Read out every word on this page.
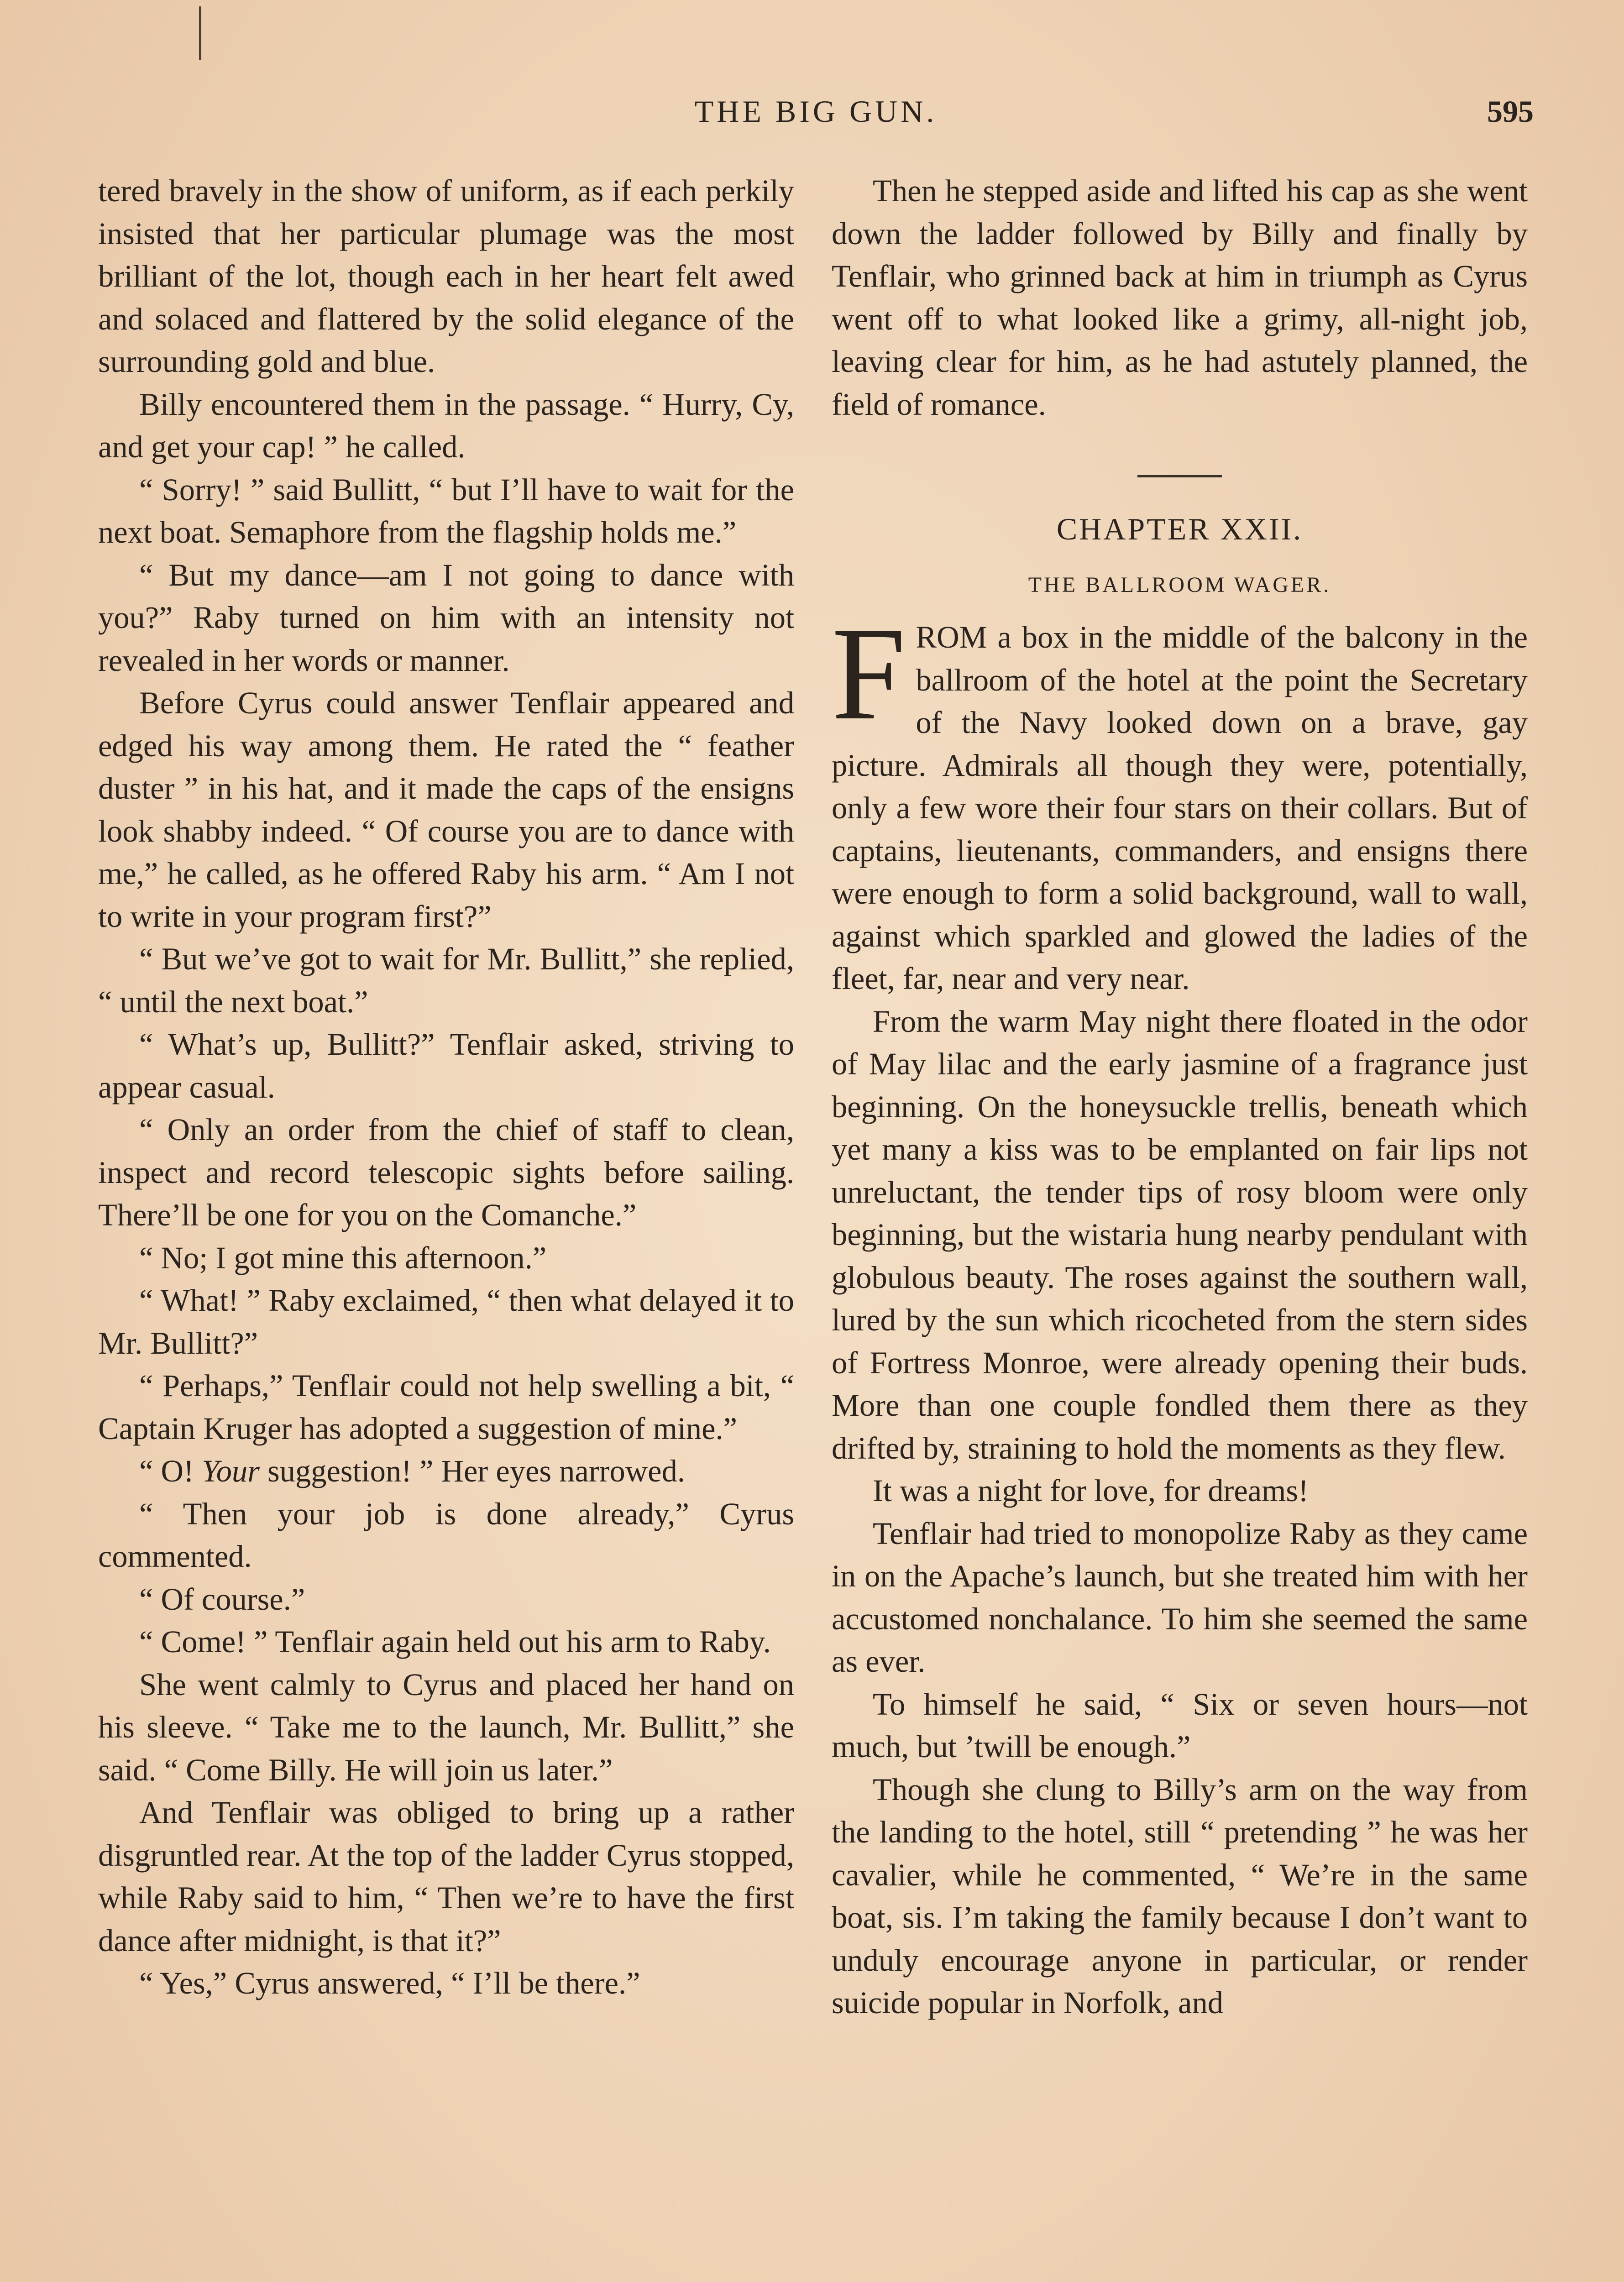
THE BIG GUN.	595

tered bravely in the show of uniform, as if each perkily insisted that her particular plumage was the most brilliant of the lot, though each in her heart felt awed and solaced and flattered by the solid elegance of the surrounding gold and blue.

Billy encountered them in the passage. “ Hurry, Cy, and get your cap! ” he called.

“ Sorry! ” said Bullitt, “ but I’ll have to wait for the next boat. Semaphore from the flagship holds me.”

“ But my dance—am I not going to dance with you?” Raby turned on him with an intensity not revealed in her words or manner.

Before Cyrus could answer Tenflair appeared and edged his way among them. He rated the “ feather duster ” in his hat, and it made the caps of the ensigns look shabby indeed. “ Of course you are to dance with me,” he called, as he offered Raby his arm. “ Am I not to write in your program first?”

“ But we’ve got to wait for Mr. Bullitt,” she replied, “ until the next boat.”

“ What’s up, Bullitt?” Tenflair asked, striving to appear casual.

“ Only an order from the chief of staff to clean, inspect and record telescopic sights before sailing. There’ll be one for you on the Comanche.”

“ No; I got mine this afternoon.”

“ What! ” Raby exclaimed, “ then what delayed it to Mr. Bullitt?”

“ Perhaps,” Tenflair could not help swelling a bit, “ Captain Kruger has adopted a suggestion of mine.”

“ O! Your suggestion! ” Her eyes narrowed.

“ Then your job is done already,” Cyrus commented.

“ Of course.”

“ Come! ” Tenflair again held out his arm to Raby.

She went calmly to Cyrus and placed her hand on his sleeve. “ Take me to the launch, Mr. Bullitt,” she said. “ Come Billy. He will join us later.”

And Tenflair was obliged to bring up a rather disgruntled rear. At the top of the ladder Cyrus stopped, while Raby said to him, “ Then we’re to have the first dance after midnight, is that it?”

“ Yes,” Cyrus answered, “ I’ll be there.”

Then he stepped aside and lifted his cap as she went down the ladder followed by Billy and finally by Tenflair, who grinned back at him in triumph as Cyrus went off to what looked like a grimy, all-night job, leaving clear for him, as he had astutely planned, the field of romance.

CHAPTER XXII.
THE BALLROOM WAGER.

FROM a box in the middle of the balcony in the ballroom of the hotel at the point the Secretary of the Navy looked down on a brave, gay picture. Admirals all though they were, potentially, only a few wore their four stars on their collars. But of captains, lieutenants, commanders, and ensigns there were enough to form a solid background, wall to wall, against which sparkled and glowed the ladies of the fleet, far, near and very near.

From the warm May night there floated in the odor of May lilac and the early jasmine of a fragrance just beginning. On the honeysuckle trellis, beneath which yet many a kiss was to be emplanted on fair lips not unreluctant, the tender tips of rosy bloom were only beginning, but the wistaria hung nearby pendulant with globulous beauty. The roses against the southern wall, lured by the sun which ricocheted from the stern sides of Fortress Monroe, were already opening their buds. More than one couple fondled them there as they drifted by, straining to hold the moments as they flew.

It was a night for love, for dreams!

Tenflair had tried to monopolize Raby as they came in on the Apache’s launch, but she treated him with her accustomed nonchalance. To him she seemed the same as ever.

To himself he said, “ Six or seven hours—not much, but ’twill be enough.”

Though she clung to Billy’s arm on the way from the landing to the hotel, still “ pretending ” he was her cavalier, while he commented, “ We’re in the same boat, sis. I’m taking the family because I don’t want to unduly encourage anyone in particular, or render suicide popular in Norfolk, and
